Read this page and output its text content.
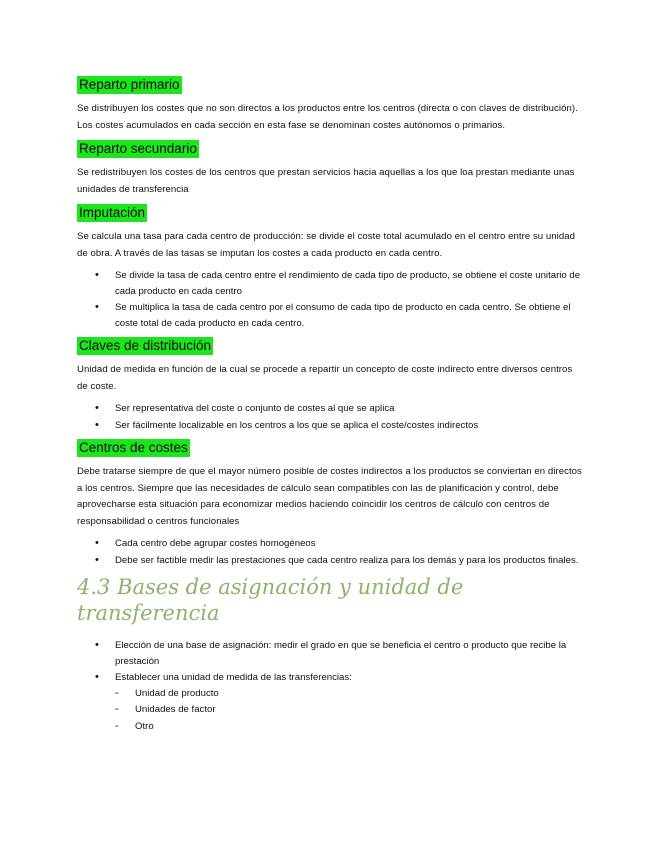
Reparto primario

Se distribuyen los costes que no son directos a los productos entre los centros (directa o con claves de distribución). Los costes acumulados en cada sección en esta fase se denominan costes autónomos o primarios.

Reparto secundario

Se redistribuyen los costes de los centros que prestan servicios hacia aquellas a los que loa prestan mediante unas unidades de transferencia

Imputación

Se calcula una tasa para cada centro de producción: se divide el coste total acumulado en el centro entre su unidad de obra. A través de las tasas se imputan los costes a cada producto en cada centro.

• Se divide la tasa de cada centro entre el rendimiento de cada tipo de producto, se obtiene el coste unitario de cada producto en cada centro
• Se multiplica la tasa de cada centro por el consumo de cada tipo de producto en cada centro. Se obtiene el coste total de cada producto en cada centro.
Claves de distribución

Unidad de medida en función de la cual se procede a repartir un concepto de coste indirecto entre diversos centros de coste.

• Ser representativa del coste o conjunto de costes al que se aplica
• Ser fácilmente localizable en los centros a los que se aplica el coste/costes indirectos
Centros de costes

Debe tratarse siempre de que el mayor número posible de costes indirectos a los productos se conviertan en directos a los centros. Siempre que las necesidades de cálculo sean compatibles con las de planificación y control, debe aprovecharse esta situación para economizar medios haciendo coincidir los centros de cálculo con centros de responsabilidad o centros funcionales

• Cada centro debe agrupar costes homogéneos
• Debe ser factible medir las prestaciones que cada centro realiza para los demás y para los productos finales.
4.3 Bases de asignación y unidad de transferencia
• Elección de una base de asignación: medir el grado en que se beneficia el centro o producto que recibe la prestación
• Establecer una unidad de medida de las transferencias:
- Unidad de producto
- Unidades de factor
- Otro
